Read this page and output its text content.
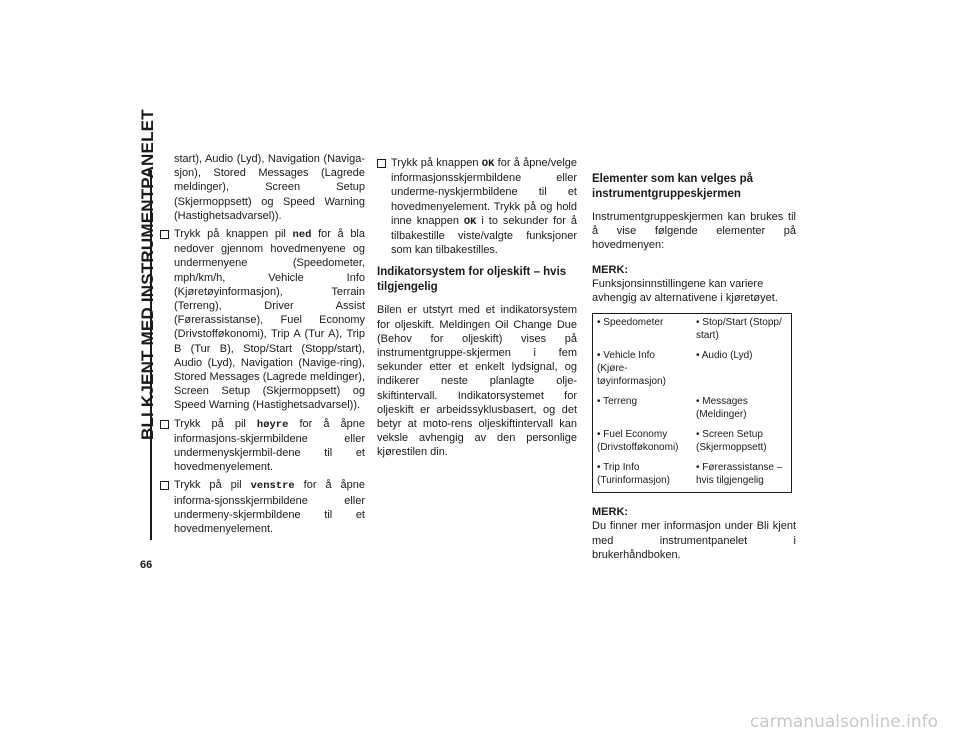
BLI KJENT MED INSTRUMENTPANELET
66

start), Audio (Lyd), Navigation (Naviga-sjon), Stored Messages (Lagrede meldinger), Screen Setup (Skjermoppsett) og Speed Warning (Hastighetsadvarsel)).

Trykk på knappen pil ned for å bla nedover gjennom hovedmenyene og undermenyene (Speedometer, mph/km/h, Vehicle Info (Kjøretøyinformasjon), Terrain (Terreng), Driver Assist (Førerassistanse), Fuel Economy (Drivstofføkonomi), Trip A (Tur A), Trip B (Tur B), Stop/Start (Stopp/start), Audio (Lyd), Navigation (Navige-ring), Stored Messages (Lagrede meldinger), Screen Setup (Skjermoppsett) og Speed Warning (Hastighetsadvarsel)).

Trykk på pil høyre for å åpne informasjons-skjermbildene eller undermenyskjermbil-dene til et hovedmenyelement.

Trykk på pil venstre for å åpne informa-sjonsskjermbildene eller undermeny-skjermbildene til et hovedmenyelement.

Trykk på knappen OK for å åpne/velge informasjonsskjermbildene eller underme-nyskjermbildene til et hovedmenyelement. Trykk på og hold inne knappen OK i to sekunder for å tilbakestille viste/valgte funksjoner som kan tilbakestilles.

Indikatorsystem for oljeskift – hvis tilgjengelig

Bilen er utstyrt med et indikatorsystem for oljeskift. Meldingen Oil Change Due (Behov for oljeskift) vises på instrumentgruppe-skjermen i fem sekunder etter et enkelt lydsignal, og indikerer neste planlagte olje-skiftintervall. Indikatorsystemet for oljeskift er arbeidssyklusbasert, og det betyr at moto-rens oljeskiftintervall kan veksle avhengig av den personlige kjørestilen din.

Elementer som kan velges på instrumentgruppeskjermen

Instrumentgruppeskjermen kan brukes til å vise følgende elementer på hovedmenyen:

MERK:

Funksjonsinnstillingene kan variere avhengig av alternativene i kjøretøyet.

• Speedometer	• Stop/Start (Stopp/ start)
• Vehicle Info (Kjøre-tøyinformasjon)	• Audio (Lyd)
• Terreng	• Messages (Meldinger)
• Fuel Economy (Drivstofføkonomi)	• Screen Setup (Skjermoppsett)
• Trip Info (Turinformasjon)	• Førerassistanse – hvis tilgjengelig
MERK:

Du finner mer informasjon under Bli kjent med instrumentpanelet i brukerhåndboken.

carmanualsonline.info
